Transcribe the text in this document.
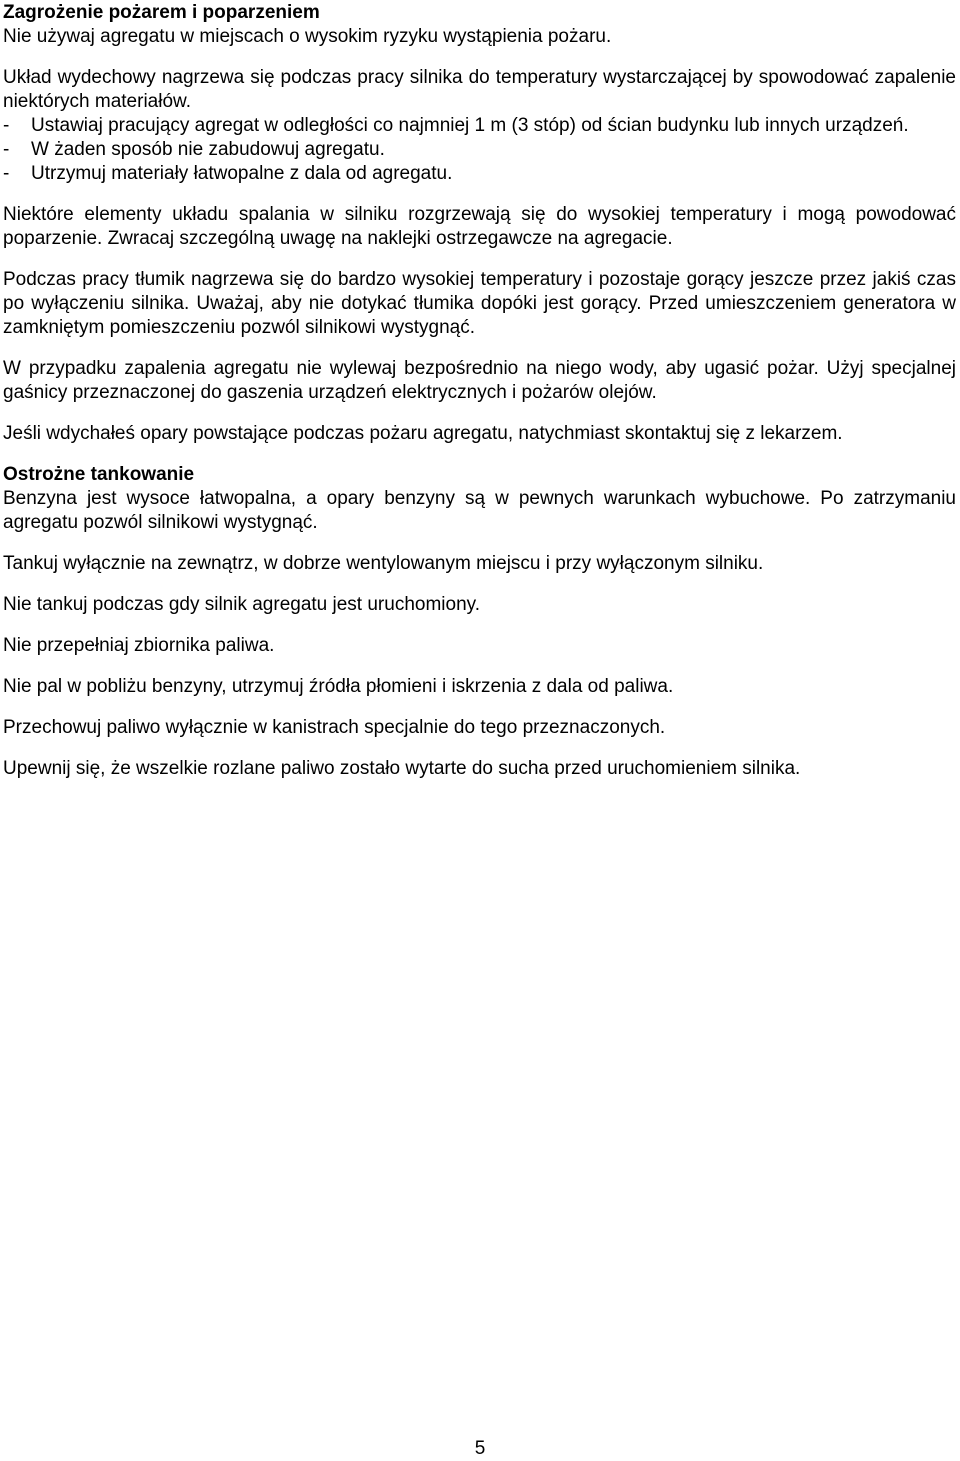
Zagrożenie pożarem i poparzeniem

Nie używaj agregatu w miejscach o wysokim ryzyku wystąpienia pożaru.

Układ wydechowy nagrzewa się podczas pracy silnika do temperatury wystarczającej by spowodować zapalenie niektórych materiałów.

- Ustawiaj pracujący agregat w odległości co najmniej 1 m (3 stóp) od ścian budynku lub innych urządzeń.
- W żaden sposób nie zabudowuj agregatu.
- Utrzymuj materiały łatwopalne z dala od agregatu.

Niektóre elementy układu spalania w silniku rozgrzewają się do wysokiej temperatury i mogą powodować poparzenie. Zwracaj szczególną uwagę na naklejki ostrzegawcze na agregacie.

Podczas pracy tłumik nagrzewa się do bardzo wysokiej temperatury i pozostaje gorący jeszcze przez jakiś czas po wyłączeniu silnika. Uważaj, aby nie dotykać tłumika dopóki jest gorący. Przed umieszczeniem generatora w zamkniętym pomieszczeniu pozwól silnikowi wystygnąć.

W przypadku zapalenia agregatu nie wylewaj bezpośrednio na niego wody, aby ugasić pożar. Użyj specjalnej gaśnicy przeznaczonej do gaszenia urządzeń elektrycznych i pożarów olejów.

Jeśli wdychałeś opary powstające podczas pożaru agregatu, natychmiast skontaktuj się z lekarzem.

Ostrożne tankowanie

Benzyna jest wysoce łatwopalna, a opary benzyny są w pewnych warunkach wybuchowe. Po zatrzymaniu agregatu pozwól silnikowi wystygnąć.

Tankuj wyłącznie na zewnątrz, w dobrze wentylowanym miejscu i przy wyłączonym silniku.

Nie tankuj podczas gdy silnik agregatu jest uruchomiony.

Nie przepełniaj zbiornika paliwa.

Nie pal w pobliżu benzyny, utrzymuj źródła płomieni i iskrzenia z dala od paliwa.

Przechowuj paliwo wyłącznie w kanistrach specjalnie do tego przeznaczonych.

Upewnij się, że wszelkie rozlane paliwo zostało wytarte do sucha przed uruchomieniem silnika.

5
